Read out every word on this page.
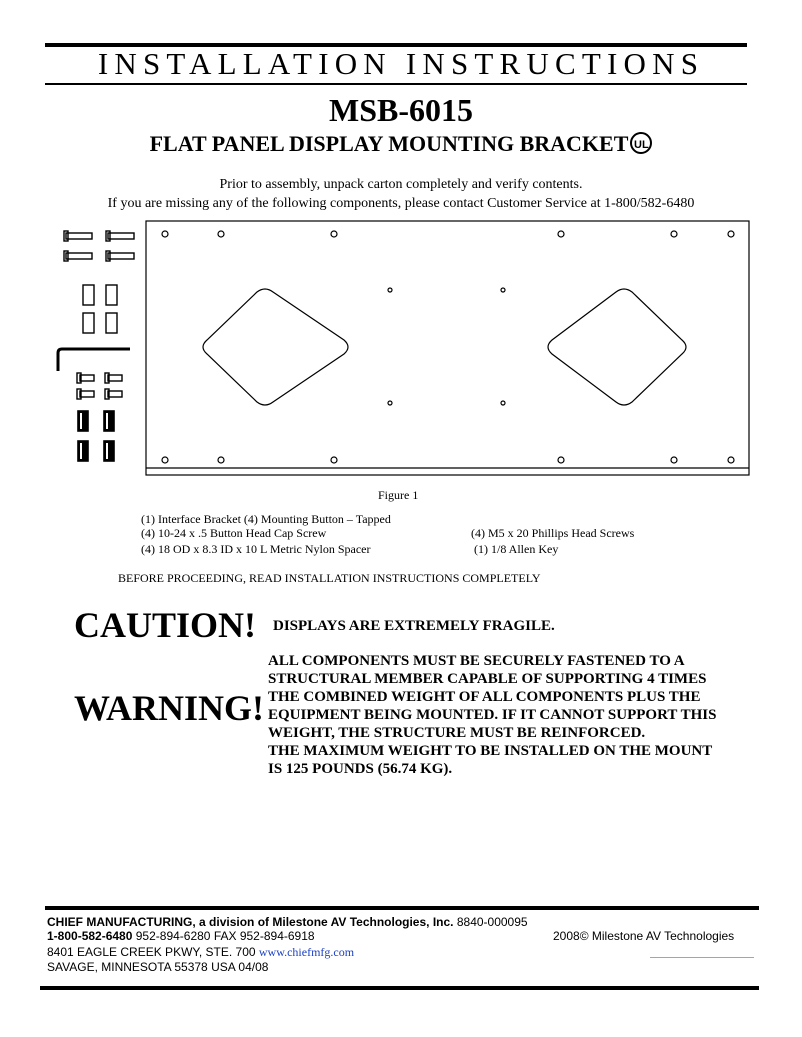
INSTALLATION INSTRUCTIONS
MSB-6015
FLAT PANEL DISPLAY MOUNTING BRACKET UL
Prior to assembly, unpack carton completely and verify contents.
If you are missing any of the following components, please contact Customer Service at 1-800/582-6480
Figure 1
(1) Interface Bracket (4) Mounting Button – Tapped
(4) 10-24 x .5 Button Head Cap Screw
(4) 18 OD x 8.3 ID x 10 L Metric Nylon Spacer
(4) M5 x 20 Phillips Head Screws
(1) 1/8 Allen Key
BEFORE PROCEEDING, READ INSTALLATION INSTRUCTIONS COMPLETELY
CAUTION! DISPLAYS ARE EXTREMELY FRAGILE.
WARNING!
ALL COMPONENTS MUST BE SECURELY FASTENED TO A STRUCTURAL MEMBER CAPABLE OF SUPPORTING 4 TIMES THE COMBINED WEIGHT OF ALL COMPONENTS PLUS THE EQUIPMENT BEING MOUNTED. IF IT CANNOT SUPPORT THIS WEIGHT, THE STRUCTURE MUST BE REINFORCED.
THE MAXIMUM WEIGHT TO BE INSTALLED ON THE MOUNT IS 125 POUNDS (56.74 KG).
CHIEF MANUFACTURING, a division of Milestone AV Technologies, Inc. 8840-000095
1-800-582-6480 952-894-6280 FAX 952-894-6918	2008© Milestone AV Technologies
8401 EAGLE CREEK PKWY, STE. 700 www.chiefmfg.com
SAVAGE, MINNESOTA 55378 USA 04/08
